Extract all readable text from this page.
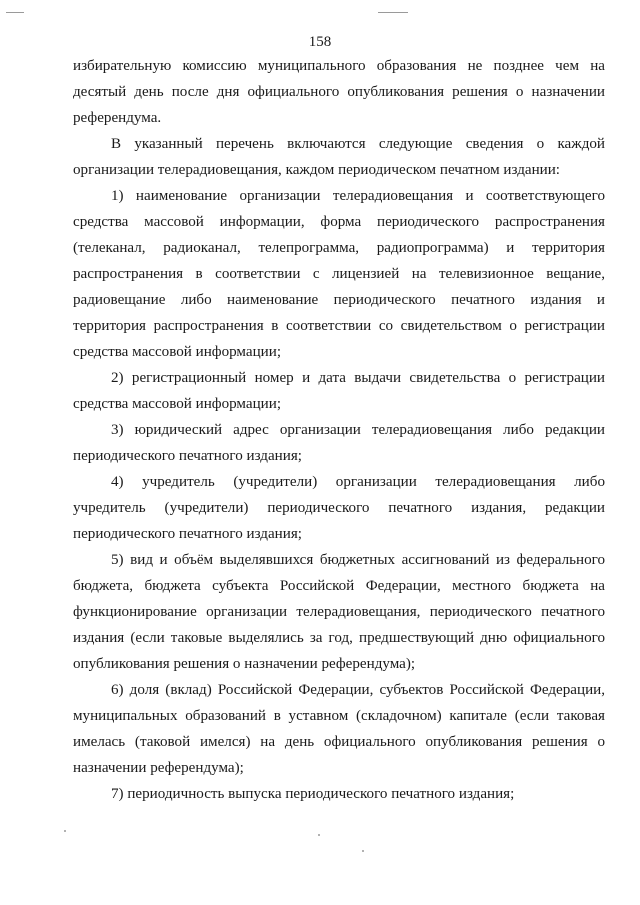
158

избирательную комиссию муниципального образования не позднее чем на десятый день после дня официального опубликования решения о назначении референдума.

В указанный перечень включаются следующие сведения о каждой организации телерадиовещания, каждом периодическом печатном издании:

1) наименование организации телерадиовещания и соответствующего средства массовой информации, форма периодического распространения (телеканал, радиоканал, телепрограмма, радиопрограмма) и территория распространения в соответствии с лицензией на телевизионное вещание, радиовещание либо наименование периодического печатного издания и территория распространения в соответствии со свидетельством о регистрации средства массовой информации;

2) регистрационный номер и дата выдачи свидетельства о регистрации средства массовой информации;

3) юридический адрес организации телерадиовещания либо редакции периодического печатного издания;

4) учредитель (учредители) организации телерадиовещания либо учредитель (учредители) периодического печатного издания, редакции периодического печатного издания;

5) вид и объём выделявшихся бюджетных ассигнований из федерального бюджета, бюджета субъекта Российской Федерации, местного бюджета на функционирование организации телерадиовещания, периодического печатного издания (если таковые выделялись за год, предшествующий дню официального опубликования решения о назначении референдума);

6) доля (вклад) Российской Федерации, субъектов Российской Федерации, муниципальных образований в уставном (складочном) капитале (если таковая имелась (таковой имелся) на день официального опубликования решения о назначении референдума);

7) периодичность выпуска периодического печатного издания;
